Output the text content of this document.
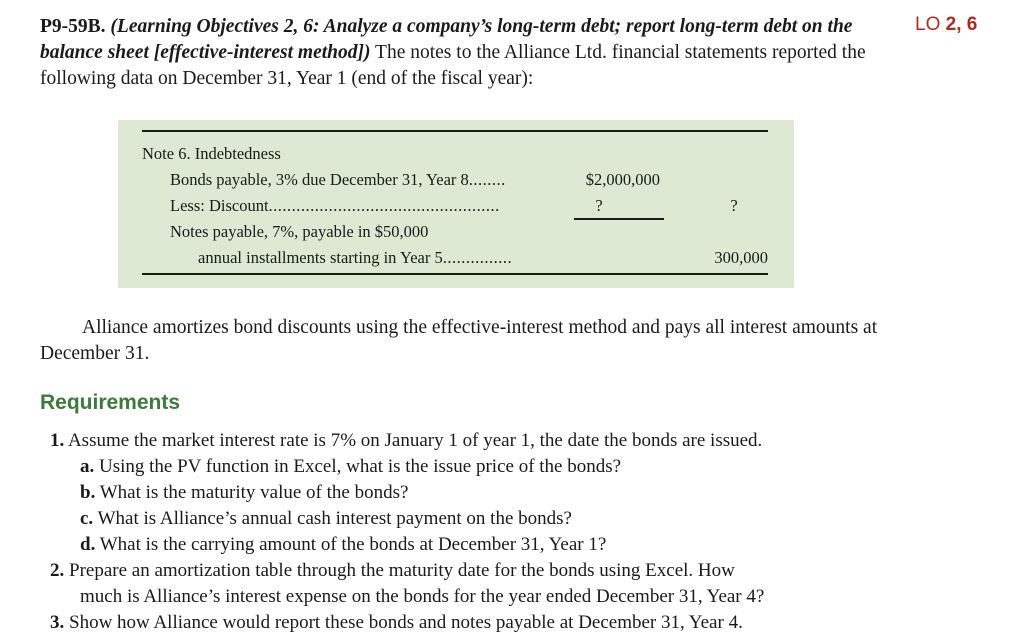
LO 2, 6
P9-59B. (Learning Objectives 2, 6: Analyze a company’s long-term debt; report long-term debt on the balance sheet [effective-interest method]) The notes to the Alliance Ltd. financial statements reported the following data on December 31, Year 1 (end of the fiscal year):
Note 6. Indebtedness
Bonds payable, 3% due December 31, Year 8........	$2,000,000
Less: Discount..................................................	?	?
Notes payable, 7%, payable in $50,000
annual installments starting in Year 5...............	300,000
Alliance amortizes bond discounts using the effective-interest method and pays all interest amounts at December 31.
Requirements
1. Assume the market interest rate is 7% on January 1 of year 1, the date the bonds are issued.
a. Using the PV function in Excel, what is the issue price of the bonds?
b. What is the maturity value of the bonds?
c. What is Alliance’s annual cash interest payment on the bonds?
d. What is the carrying amount of the bonds at December 31, Year 1?
2. Prepare an amortization table through the maturity date for the bonds using Excel. How
much is Alliance’s interest expense on the bonds for the year ended December 31, Year 4?
3. Show how Alliance would report these bonds and notes payable at December 31, Year 4.
